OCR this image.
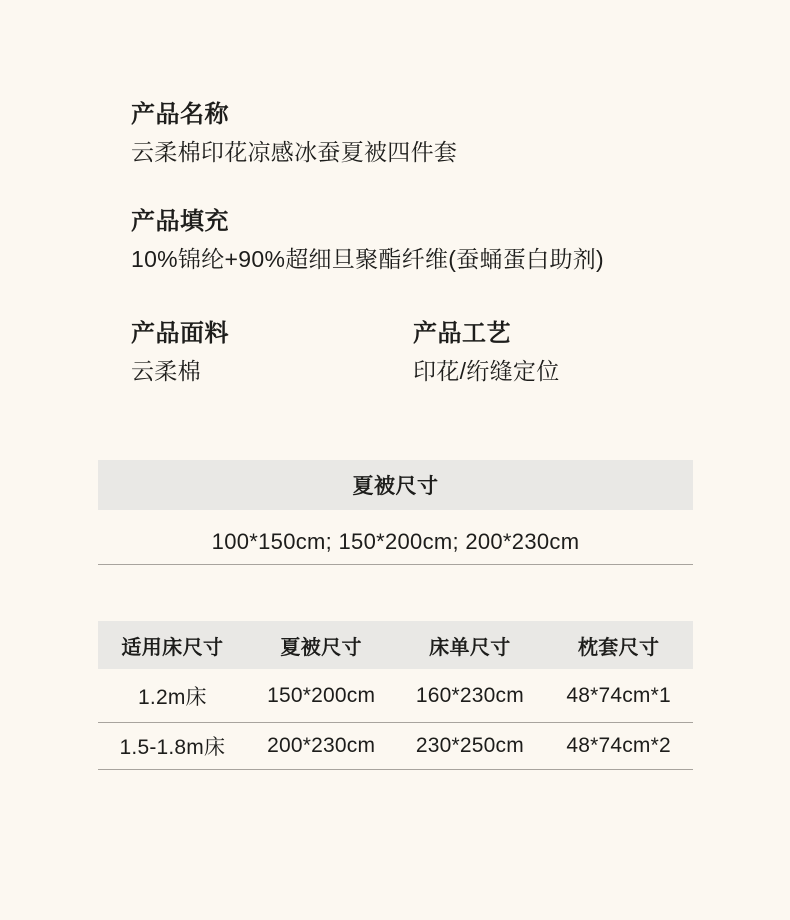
产品名称
云柔棉印花凉感冰蚕夏被四件套
产品填充
10%锦纶+90%超细旦聚酯纤维(蚕蛹蛋白助剂)
产品面料
云柔棉
产品工艺
印花/绗缝定位
夏被尺寸
100*150cm; 150*200cm; 200*230cm
适用床尺寸	夏被尺寸	床单尺寸	枕套尺寸
1.2m床	150*200cm	160*230cm	48*74cm*1
1.5-1.8m床	200*230cm	230*250cm	48*74cm*2
